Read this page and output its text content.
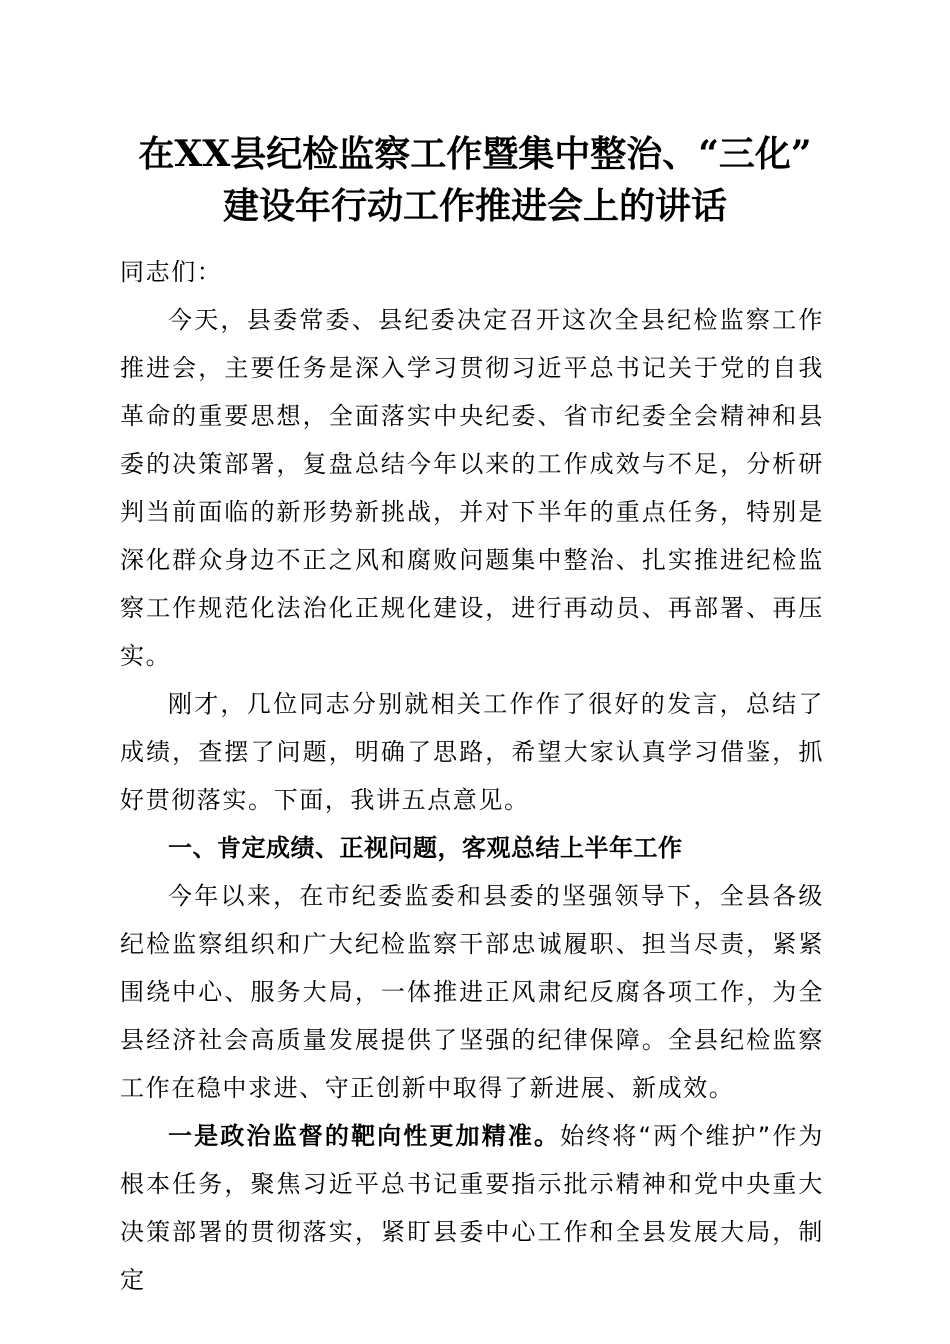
在XX县纪检监察工作暨集中整治、“三化”
建设年行动工作推进会上的讲话

同志们：

今天，县委常委、县纪委决定召开这次全县纪检监察工作推进会，主要任务是深入学习贯彻习近平总书记关于党的自我革命的重要思想，全面落实中央纪委、省市纪委全会精神和县委的决策部署，复盘总结今年以来的工作成效与不足，分析研判当前面临的新形势新挑战，并对下半年的重点任务，特别是深化群众身边不正之风和腐败问题集中整治、扎实推进纪检监察工作规范化法治化正规化建设，进行再动员、再部署、再压实。

刚才，几位同志分别就相关工作作了很好的发言，总结了成绩，查摆了问题，明确了思路，希望大家认真学习借鉴，抓好贯彻落实。下面，我讲五点意见。

一、肯定成绩、正视问题，客观总结上半年工作

今年以来，在市纪委监委和县委的坚强领导下，全县各级纪检监察组织和广大纪检监察干部忠诚履职、担当尽责，紧紧围绕中心、服务大局，一体推进正风肃纪反腐各项工作，为全县经济社会高质量发展提供了坚强的纪律保障。全县纪检监察工作在稳中求进、守正创新中取得了新进展、新成效。

一是政治监督的靶向性更加精准。始终将“两个维护”作为根本任务，聚焦习近平总书记重要指示批示精神和党中央重大决策部署的贯彻落实，紧盯县委中心工作和全县发展大局，制定
